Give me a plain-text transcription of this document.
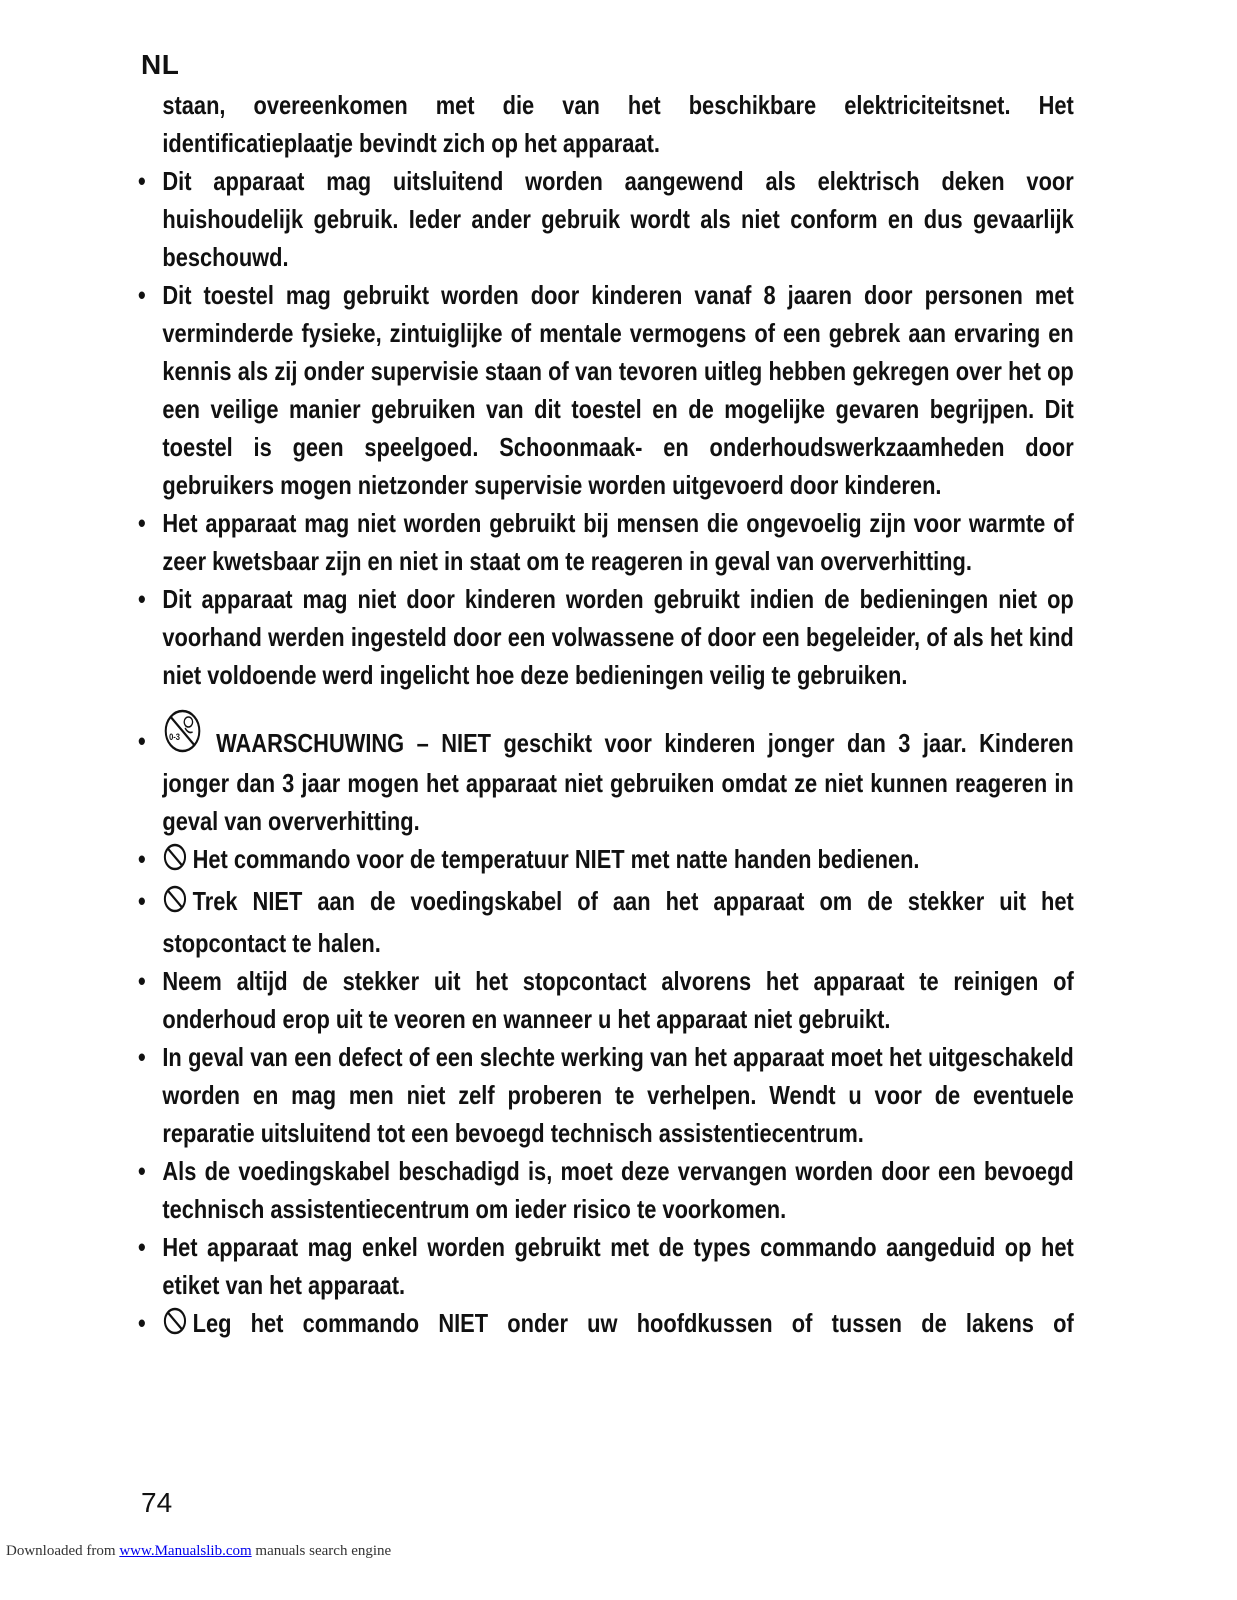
NL

staan, overeenkomen met die van het beschikbare elektriciteitsnet. Het identificatieplaatje bevindt zich op het apparaat.

• Dit apparaat mag uitsluitend worden aangewend als elektrisch deken voor huishoudelijk gebruik. Ieder ander gebruik wordt als niet conform en dus gevaarlijk beschouwd.

• Dit toestel mag gebruikt worden door kinderen vanaf 8 jaaren door personen met verminderde fysieke, zintuiglijke of mentale vermogens of een gebrek aan ervaring en kennis als zij onder supervisie staan of van tevoren uitleg hebben gekregen over het op een veilige manier gebruiken van dit toestel en de mogelijke gevaren begrijpen. Dit toestel is geen speelgoed. Schoonmaak- en onderhoudswerkzaamheden door gebruikers mogen nietzonder supervisie worden uitgevoerd door kinderen.

• Het apparaat mag niet worden gebruikt bij mensen die ongevoelig zijn voor warmte of zeer kwetsbaar zijn en niet in staat om te reageren in geval van oververhitting.

• Dit apparaat mag niet door kinderen worden gebruikt indien de bedieningen niet op voorhand werden ingesteld door een volwassene of door een begeleider, of als het kind niet voldoende werd ingelicht hoe deze bedieningen veilig te gebruiken.

•	0-3 WAARSCHUWING – NIET geschikt voor kinderen jonger dan 3 jaar. Kinderen jonger dan 3 jaar mogen het apparaat niet gebruiken omdat ze niet kunnen reageren in geval van oververhitting.

• Het commando voor de temperatuur NIET met natte handen bedienen.

• Trek NIET aan de voedingskabel of aan het apparaat om de stekker uit het stopcontact te halen.

• Neem altijd de stekker uit het stopcontact alvorens het apparaat te reinigen of onderhoud erop uit te veoren en wanneer u het apparaat niet gebruikt.

• In geval van een defect of een slechte werking van het apparaat moet het uitgeschakeld worden en mag men niet zelf proberen te verhelpen. Wendt u voor de eventuele reparatie uitsluitend tot een bevoegd technisch assistentiecentrum.

• Als de voedingskabel beschadigd is, moet deze vervangen worden door een bevoegd technisch assistentiecentrum om ieder risico te voorkomen.

• Het apparaat mag enkel worden gebruikt met de types commando aangeduid op het etiket van het apparaat.

• Leg het commando NIET onder uw hoofdkussen of tussen de lakens of

74
Downloaded from www.Manualslib.com manuals search engine
